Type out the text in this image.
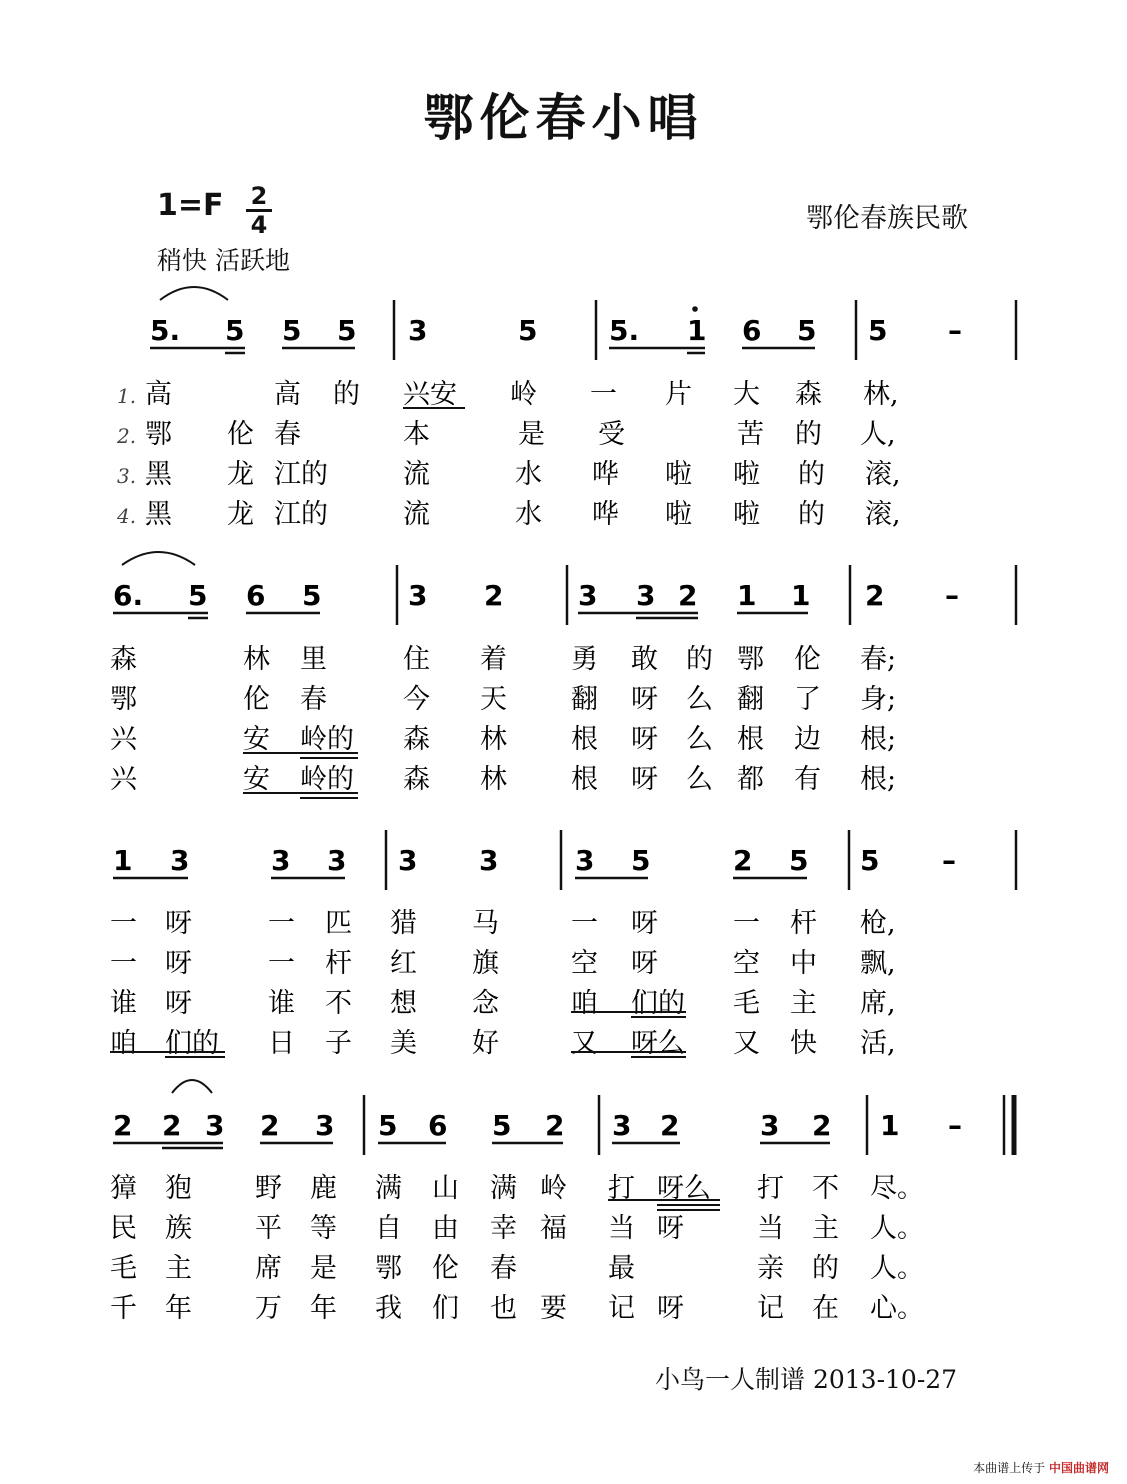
鄂伦春小唱
1=F 2
4
稍快 活跃地
鄂伦春族民歌
5. 5 5 5 3	5	5. 1 6 5 5 –
6. 5 6 5	3 2	3 3 2 1 1 2 –
1 3	3 3 3 3	3 5	2 5 5 –
2 2 3 2 3 5 6 5 2 3 2	3 2 1 –
高	高 的 兴安 岭 一 片 大 森 林,
鄂 伦 春	本	是 受	苦 的 人,
黑 龙 江的	流	水 哗 啦 啦 的 滚,
黑 龙 江的	流	水 哗 啦 啦 的 滚,
森	林 里	住 着 勇 敢 的 鄂 伦 春;
鄂	伦 春	今 天 翻 呀 么 翻 了 身;
兴	安 岭的 森 林 根 呀 么 根 边 根;
兴	安 岭的 森 林 根 呀 么 都 有 根;
一 呀	一 匹 猎 马	一 呀	一 杆 枪,
一 呀	一 杆 红 旗	空 呀	空 中 飘,
谁 呀	谁 不 想 念	咱 们的 毛 主 席,
咱 们的 日 子 美 好	又 呀么 又 快 活,
獐 狍 野 鹿 满 山 满 岭 打 呀么 打 不 尽。
民 族 平 等 自 由 幸 福 当 呀	当 主 人。
毛 主 席 是 鄂 伦 春	最	亲 的 人。
千 年 万 年 我 们 也 要 记 呀	记 在 心。
1.
2.
3.
4.
小鸟一人制谱 2013-10-27
本曲谱上传于 中国曲谱网
